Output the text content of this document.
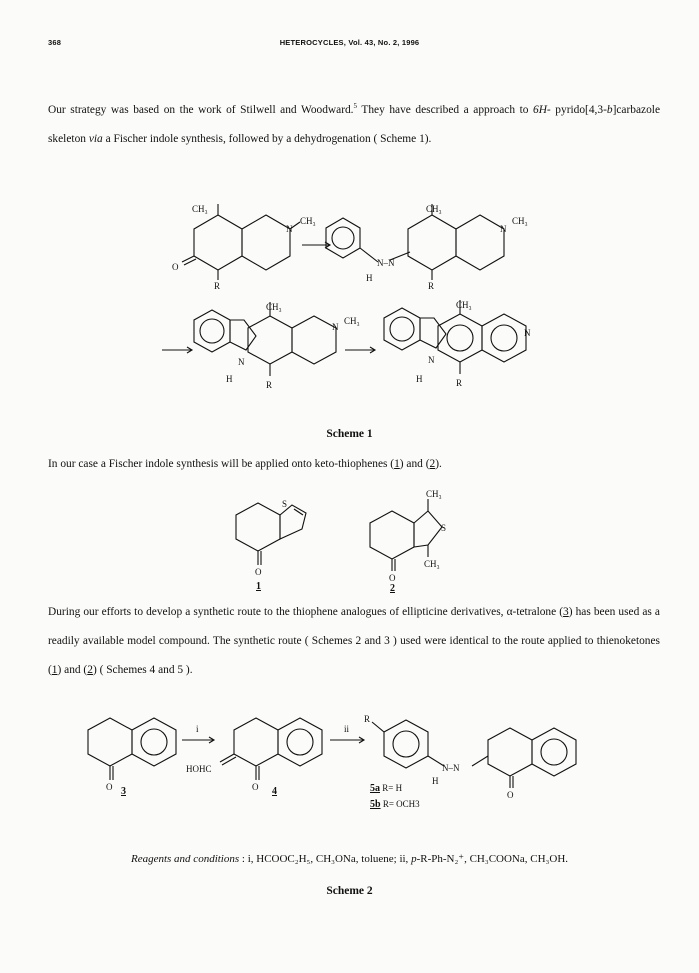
368	HETEROCYCLES, Vol. 43, No. 2, 1996

Our strategy was based on the work of Stilwell and Woodward.$^5$ They have described a approach to 6H- pyrido[4,3-b]carbazole skeleton via a Fischer indole synthesis, followed by a dehydrogenation ( Scheme 1).

CH₃
O
R
N
CH₃
N–N
H
CH₃
R
N
CH₃
N
H
CH₃
R
N
CH₃
N
H
CH₃
R
N
Scheme 1

In our case a Fischer indole synthesis will be applied onto keto-thiophenes (1) and (2).

S
O
1
CH₃
S
CH₃
O
2

During our efforts to develop a synthetic route to the thiophene analogues of ellipticine derivatives, α-tetralone (3) has been used as a readily available model compound. The synthetic route ( Schemes 2 and 3 ) used were identical to the route applied to thienoketones (1) and (2) ( Schemes 4 and 5 ).

O 3
i
HOHC
O 4
ii
R
N–N
H
O
5a R= H
5b R= OCH3
Reagents and conditions : i, HCOOC₂H₅, CH₃ONa, toluene; ii, p-R-Ph-N₂⁺, CH₃COONa, CH₃OH.
Scheme 2
